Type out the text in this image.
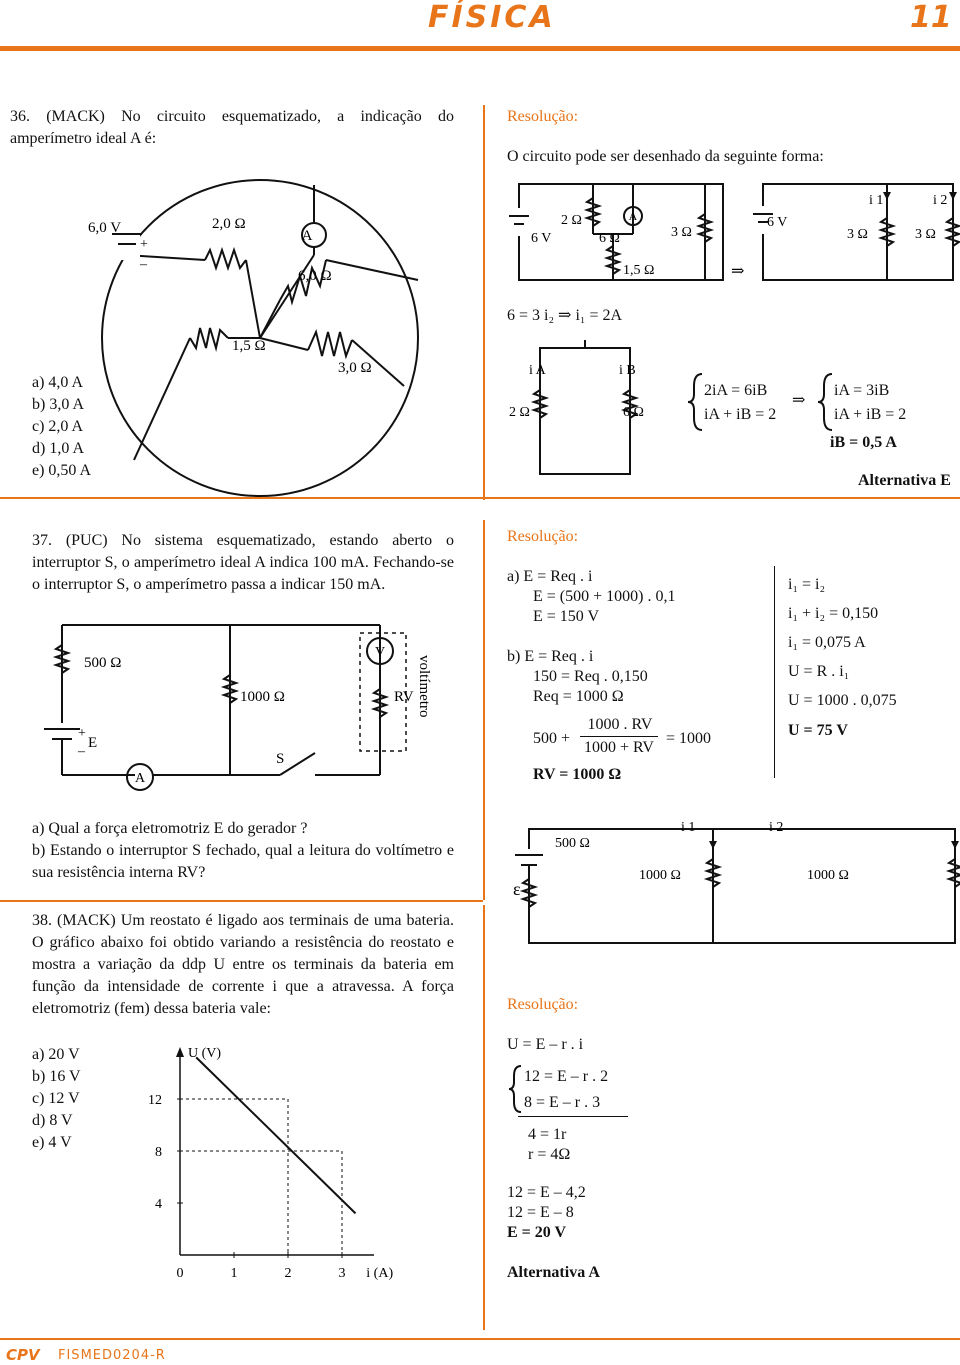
FÍSICA	11
CPV FISMED0204-R
36. (MACK) No circuito esquematizado, a indicação do amperímetro ideal A é:
+
–
6,0 V	2,0 Ω
A
6,0 Ω
1,5 Ω
3,0 Ω
a) 4,0 A
b) 3,0 A
c) 2,0 A
d) 1,0 A
e) 0,50 A
Resolução:
O circuito pode ser desenhado da seguinte forma:
6 V
2 Ω
6 Ω
A
3 Ω
1,5 Ω	⇒
6 V
i 1	i 2
3 Ω	3 Ω
6 = 3 i₂ ⇒ i₁ = 2A
i A	i B
2 Ω	6 Ω
2iA = 6iB
iA + iB = 2
⇒
iA = 3iB
iA + iB = 2
iB = 0,5 A
Alternativa E
37. (PUC) No sistema esquematizado, estando aberto o interruptor S, o amperímetro ideal A indica 100 mA. Fechando-se o interruptor S, o amperímetro passa a indicar 150 mA.
500 Ω
1000 Ω
V
RV voltímetro
E
+
–
A
S
a) Qual a força eletromotriz E do gerador ?
b) Estando o interruptor S fechado, qual a leitura do voltímetro e sua resistência interna RV?
Resolução:
a) E = Req . i
E = (500 + 1000) . 0,1
E = 150 V
b) E = Req . i
150 = Req . 0,150
Req = 1000 Ω
500 +
1000 . RV
1000 + RV
= 1000
RV = 1000 Ω
i₁ = i₂
i₁ + i₂ = 0,150
i₁ = 0,075 A
U = R . i₁
U = 1000 . 0,075
U = 75 V
ε
500 Ω
i 1	i 2
1000 Ω	1000 Ω
38. (MACK) Um reostato é ligado aos terminais de uma bateria. O gráfico abaixo foi obtido variando a resistência do reostato e mostra a variação da ddp U entre os terminais da bateria em função da intensidade de corrente i que a atravessa. A força eletromotriz (fem) dessa bateria vale:
a) 20 V
b) 16 V
c) 12 V
d) 8 V
e) 4 V
U (V)
i (A)
0	1	2	3
4
8
12
Resolução:
U = E – r . i
12 = E – r . 2
8 = E – r . 3
4 = 1r
r = 4Ω
12 = E – 4,2
12 = E – 8
E = 20 V
Alternativa A
